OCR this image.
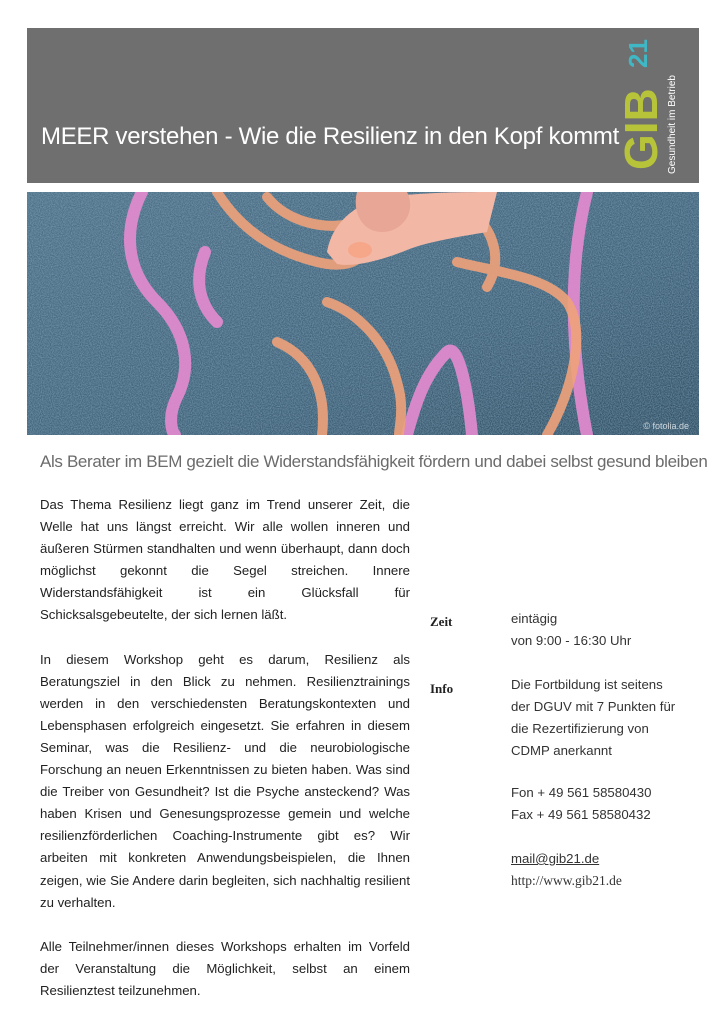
MEER verstehen - Wie die Resilienz in den Kopf kommt
21
GIB Gesundheit im Betrieb
© fotolia.de
Als Berater im BEM gezielt die Widerstandsfähigkeit fördern und dabei selbst gesund bleiben

Das Thema Resilienz liegt ganz im Trend unserer Zeit, die Welle hat uns längst erreicht. Wir alle wollen inneren und äußeren Stürmen standhalten und wenn überhaupt, dann doch möglichst gekonnt die Segel streichen. Innere Widerstandsfähigkeit ist ein Glücksfall für Schicksalsgebeutelte, der sich lernen läßt.

In diesem Workshop geht es darum, Resilienz als Beratungsziel in den Blick zu nehmen. Resilienztrainings werden in den verschiedensten Beratungskontexten und Lebensphasen erfolgreich eingesetzt. Sie erfahren in diesem Seminar, was die Resilienz- und die neurobiologische Forschung an neuen Erkenntnissen zu bieten haben. Was sind die Treiber von Gesundheit? Ist die Psyche ansteckend? Was haben Krisen und Genesungsprozesse gemein und welche resilienzförderlichen Coaching-Instrumente gibt es? Wir arbeiten mit konkreten Anwendungsbeispielen, die Ihnen zeigen, wie Sie Andere darin begleiten, sich nachhaltig resilient zu verhalten.

Alle Teilnehmer/innen dieses Workshops erhalten im Vorfeld der Veranstaltung die Möglichkeit, selbst an einem Resilienztest teilzunehmen.

Zeit	eintägig
von 9:00 - 16:30 Uhr
Info	Die Fortbildung ist seitens
der DGUV mit 7 Punkten für
die Rezertifizierung von
CDMP anerkannt
Fon + 49 561 58580430
Fax + 49 561 58580432
mail@gib21.de
http://www.gib21.de
